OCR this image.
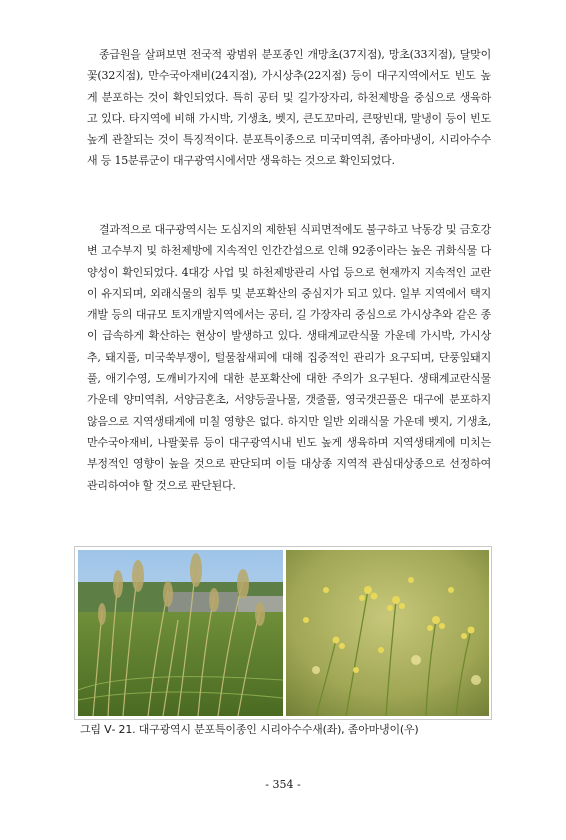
종급원을 살펴보면 전국적 광범위 분포종인 개망초(37지점), 망초(33지점), 달맞이꽃(32지점), 만수국아재비(24지점), 가시상추(22지점) 등이 대구지역에서도 빈도 높게 분포하는 것이 확인되었다. 특히 공터 및 길가장자리, 하천제방을 중심으로 생육하고 있다. 타지역에 비해 가시박, 기생초, 벳지, 큰도꼬마리, 큰땅빈대, 말냉이 등이 빈도 높게 관찰되는 것이 특징적이다. 분포특이종으로 미국미역취, 좀아마냉이, 시리아수수새 등 15분류군이 대구광역시에서만 생육하는 것으로 확인되었다.

결과적으로 대구광역시는 도심지의 제한된 식피면적에도 불구하고 낙동강 및 금호강변 고수부지 및 하천제방에 지속적인 인간간섭으로 인해 92종이라는 높은 귀화식물 다양성이 확인되었다. 4대강 사업 및 하천제방관리 사업 등으로 현재까지 지속적인 교란이 유지되며, 외래식물의 침투 및 분포확산의 중심지가 되고 있다. 일부 지역에서 택지개발 등의 대규모 토지개발지역에서는 공터, 길 가장자리 중심으로 가시상추와 같은 종이 급속하게 확산하는 현상이 발생하고 있다. 생태계교란식물 가운데 가시박, 가시상추, 돼지풀, 미국쑥부쟁이, 털물참새피에 대해 집중적인 관리가 요구되며, 단풍잎돼지풀, 애기수영, 도깨비가지에 대한 분포확산에 대한 주의가 요구된다. 생태계교란식물 가운데 양미역취, 서양금혼초, 서양등골나물, 갯줄풀, 영국갯끈풀은 대구에 분포하지 않음으로 지역생태계에 미칠 영향은 없다. 하지만 일반 외래식물 가운데 벳지, 기생초, 만수국아재비, 나팔꽃류 등이 대구광역시내 빈도 높게 생육하며 지역생태계에 미치는 부정적인 영향이 높을 것으로 판단되며 이들 대상종 지역적 관심대상종으로 선정하여 관리하여야 할 것으로 판단된다.

그림 Ⅴ- 21. 대구광역시 분포특이종인 시리아수수새(좌), 좀아마냉이(우)

- 354 -
